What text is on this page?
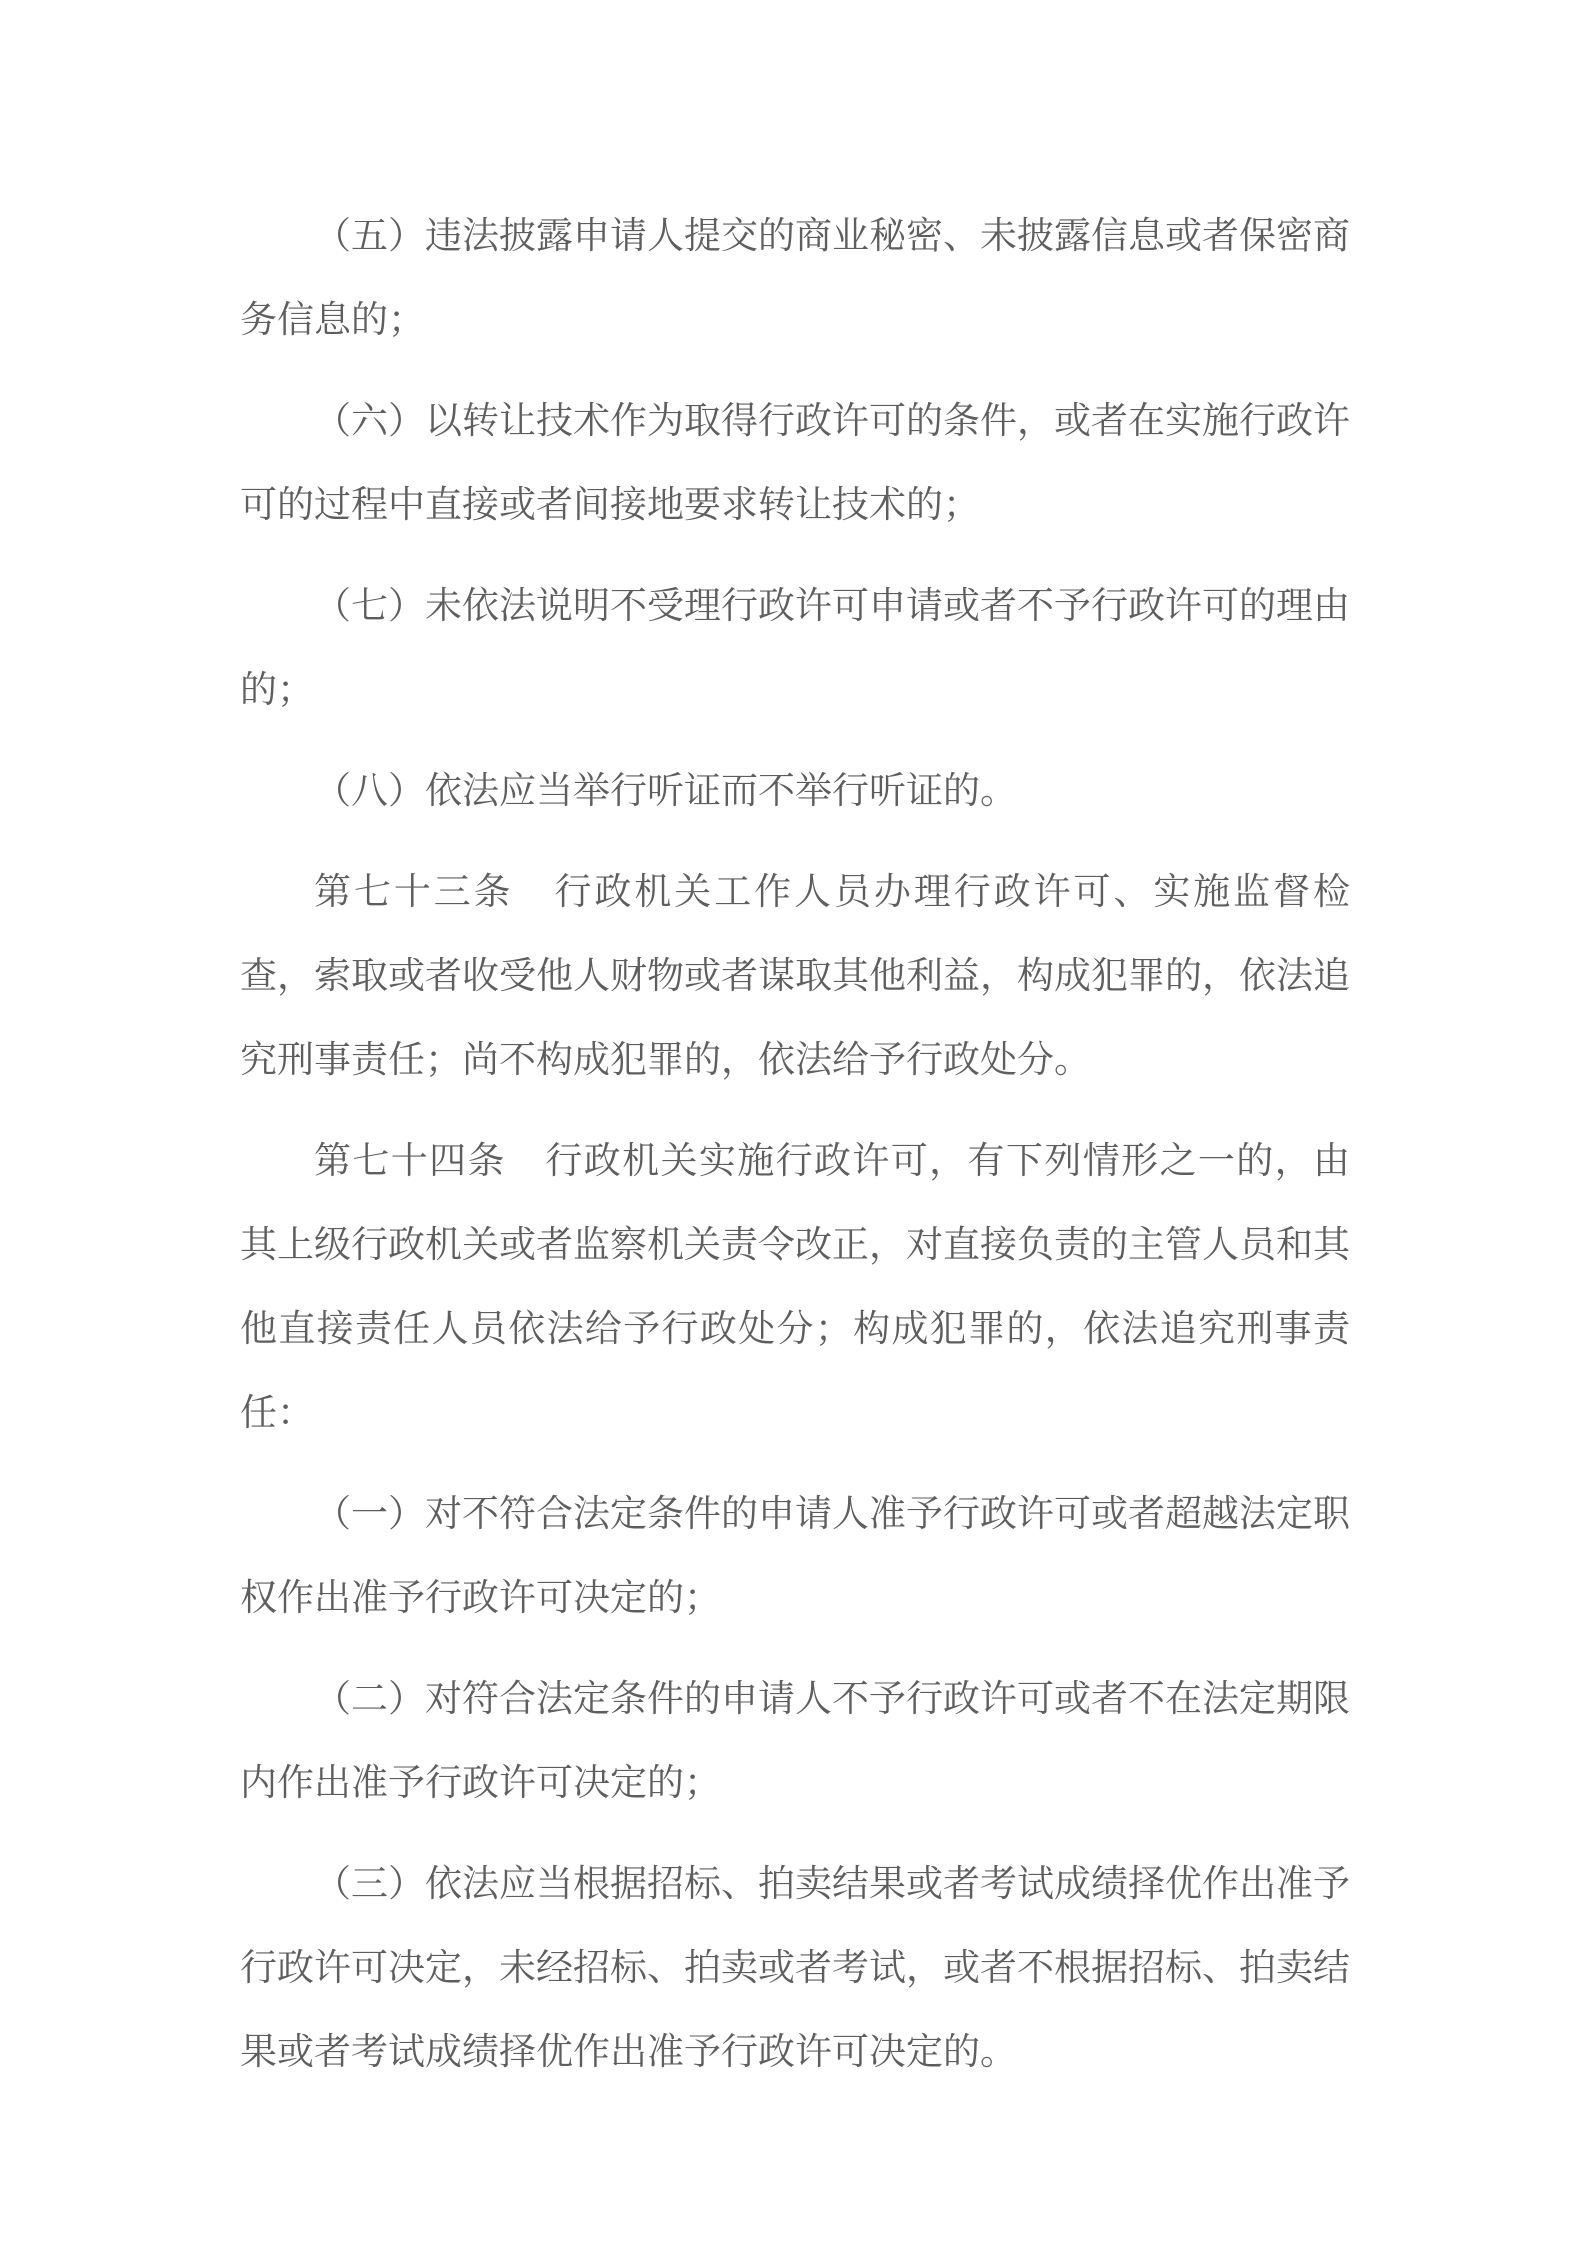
（五）违法披露申请人提交的商业秘密、未披露信息或者保密商务信息的；

（六）以转让技术作为取得行政许可的条件，或者在实施行政许可的过程中直接或者间接地要求转让技术的；

（七）未依法说明不受理行政许可申请或者不予行政许可的理由的；

（八）依法应当举行听证而不举行听证的。

第七十三条 行政机关工作人员办理行政许可、实施监督检查，索取或者收受他人财物或者谋取其他利益，构成犯罪的，依法追究刑事责任；尚不构成犯罪的，依法给予行政处分。

第七十四条 行政机关实施行政许可，有下列情形之一的，由其上级行政机关或者监察机关责令改正，对直接负责的主管人员和其他直接责任人员依法给予行政处分；构成犯罪的，依法追究刑事责任：

（一）对不符合法定条件的申请人准予行政许可或者超越法定职权作出准予行政许可决定的；

（二）对符合法定条件的申请人不予行政许可或者不在法定期限内作出准予行政许可决定的；

（三）依法应当根据招标、拍卖结果或者考试成绩择优作出准予行政许可决定，未经招标、拍卖或者考试，或者不根据招标、拍卖结果或者考试成绩择优作出准予行政许可决定的。
